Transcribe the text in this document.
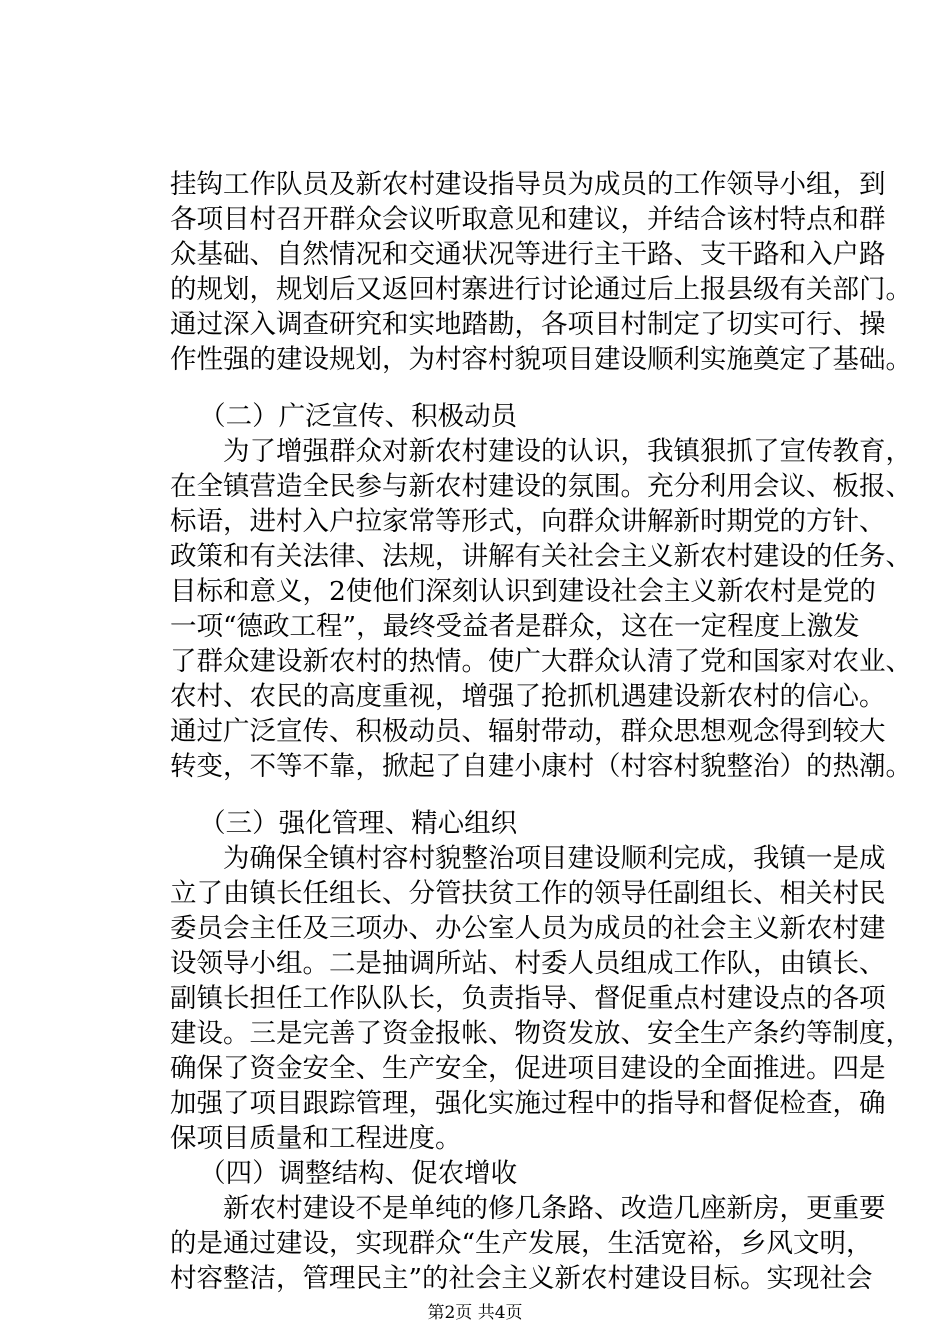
挂钩工作队员及新农村建设指导员为成员的工作领导小组，到
各项目村召开群众会议听取意见和建议，并结合该村特点和群
众基础、自然情况和交通状况等进行主干路、支干路和入户路
的规划，规划后又返回村寨进行讨论通过后上报县级有关部门。
通过深入调查研究和实地踏勘，各项目村制定了切实可行、操
作性强的建设规划，为村容村貌项目建设顺利实施奠定了基础。
　 （二）广泛宣传、积极动员
　　为了增强群众对新农村建设的认识，我镇狠抓了宣传教育，
在全镇营造全民参与新农村建设的氛围。充分利用会议、板报、
标语，进村入户拉家常等形式，向群众讲解新时期党的方针、
政策和有关法律、法规，讲解有关社会主义新农村建设的任务、
目标和意义，2使他们深刻认识到建设社会主义新农村是党的
一项“德政工程”，最终受益者是群众，这在一定程度上激发
了群众建设新农村的热情。使广大群众认清了党和国家对农业、
农村、农民的高度重视，增强了抢抓机遇建设新农村的信心。
通过广泛宣传、积极动员、辐射带动，群众思想观念得到较大
转变，不等不靠，掀起了自建小康村（村容村貌整治）的热潮。
　 （三）强化管理、精心组织
　　为确保全镇村容村貌整治项目建设顺利完成，我镇一是成
立了由镇长任组长、分管扶贫工作的领导任副组长、相关村民
委员会主任及三项办、办公室人员为成员的社会主义新农村建
设领导小组。二是抽调所站、村委人员组成工作队，由镇长、
副镇长担任工作队队长，负责指导、督促重点村建设点的各项
建设。三是完善了资金报帐、物资发放、安全生产条约等制度，
确保了资金安全、生产安全，促进项目建设的全面推进。四是
加强了项目跟踪管理，强化实施过程中的指导和督促检查，确
保项目质量和工程进度。
　 （四）调整结构、促农增收
　　新农村建设不是单纯的修几条路、改造几座新房，更重要
的是通过建设，实现群众“生产发展，生活宽裕，乡风文明，
村容整洁，管理民主”的社会主义新农村建设目标。实现社会
第2页 共4页
